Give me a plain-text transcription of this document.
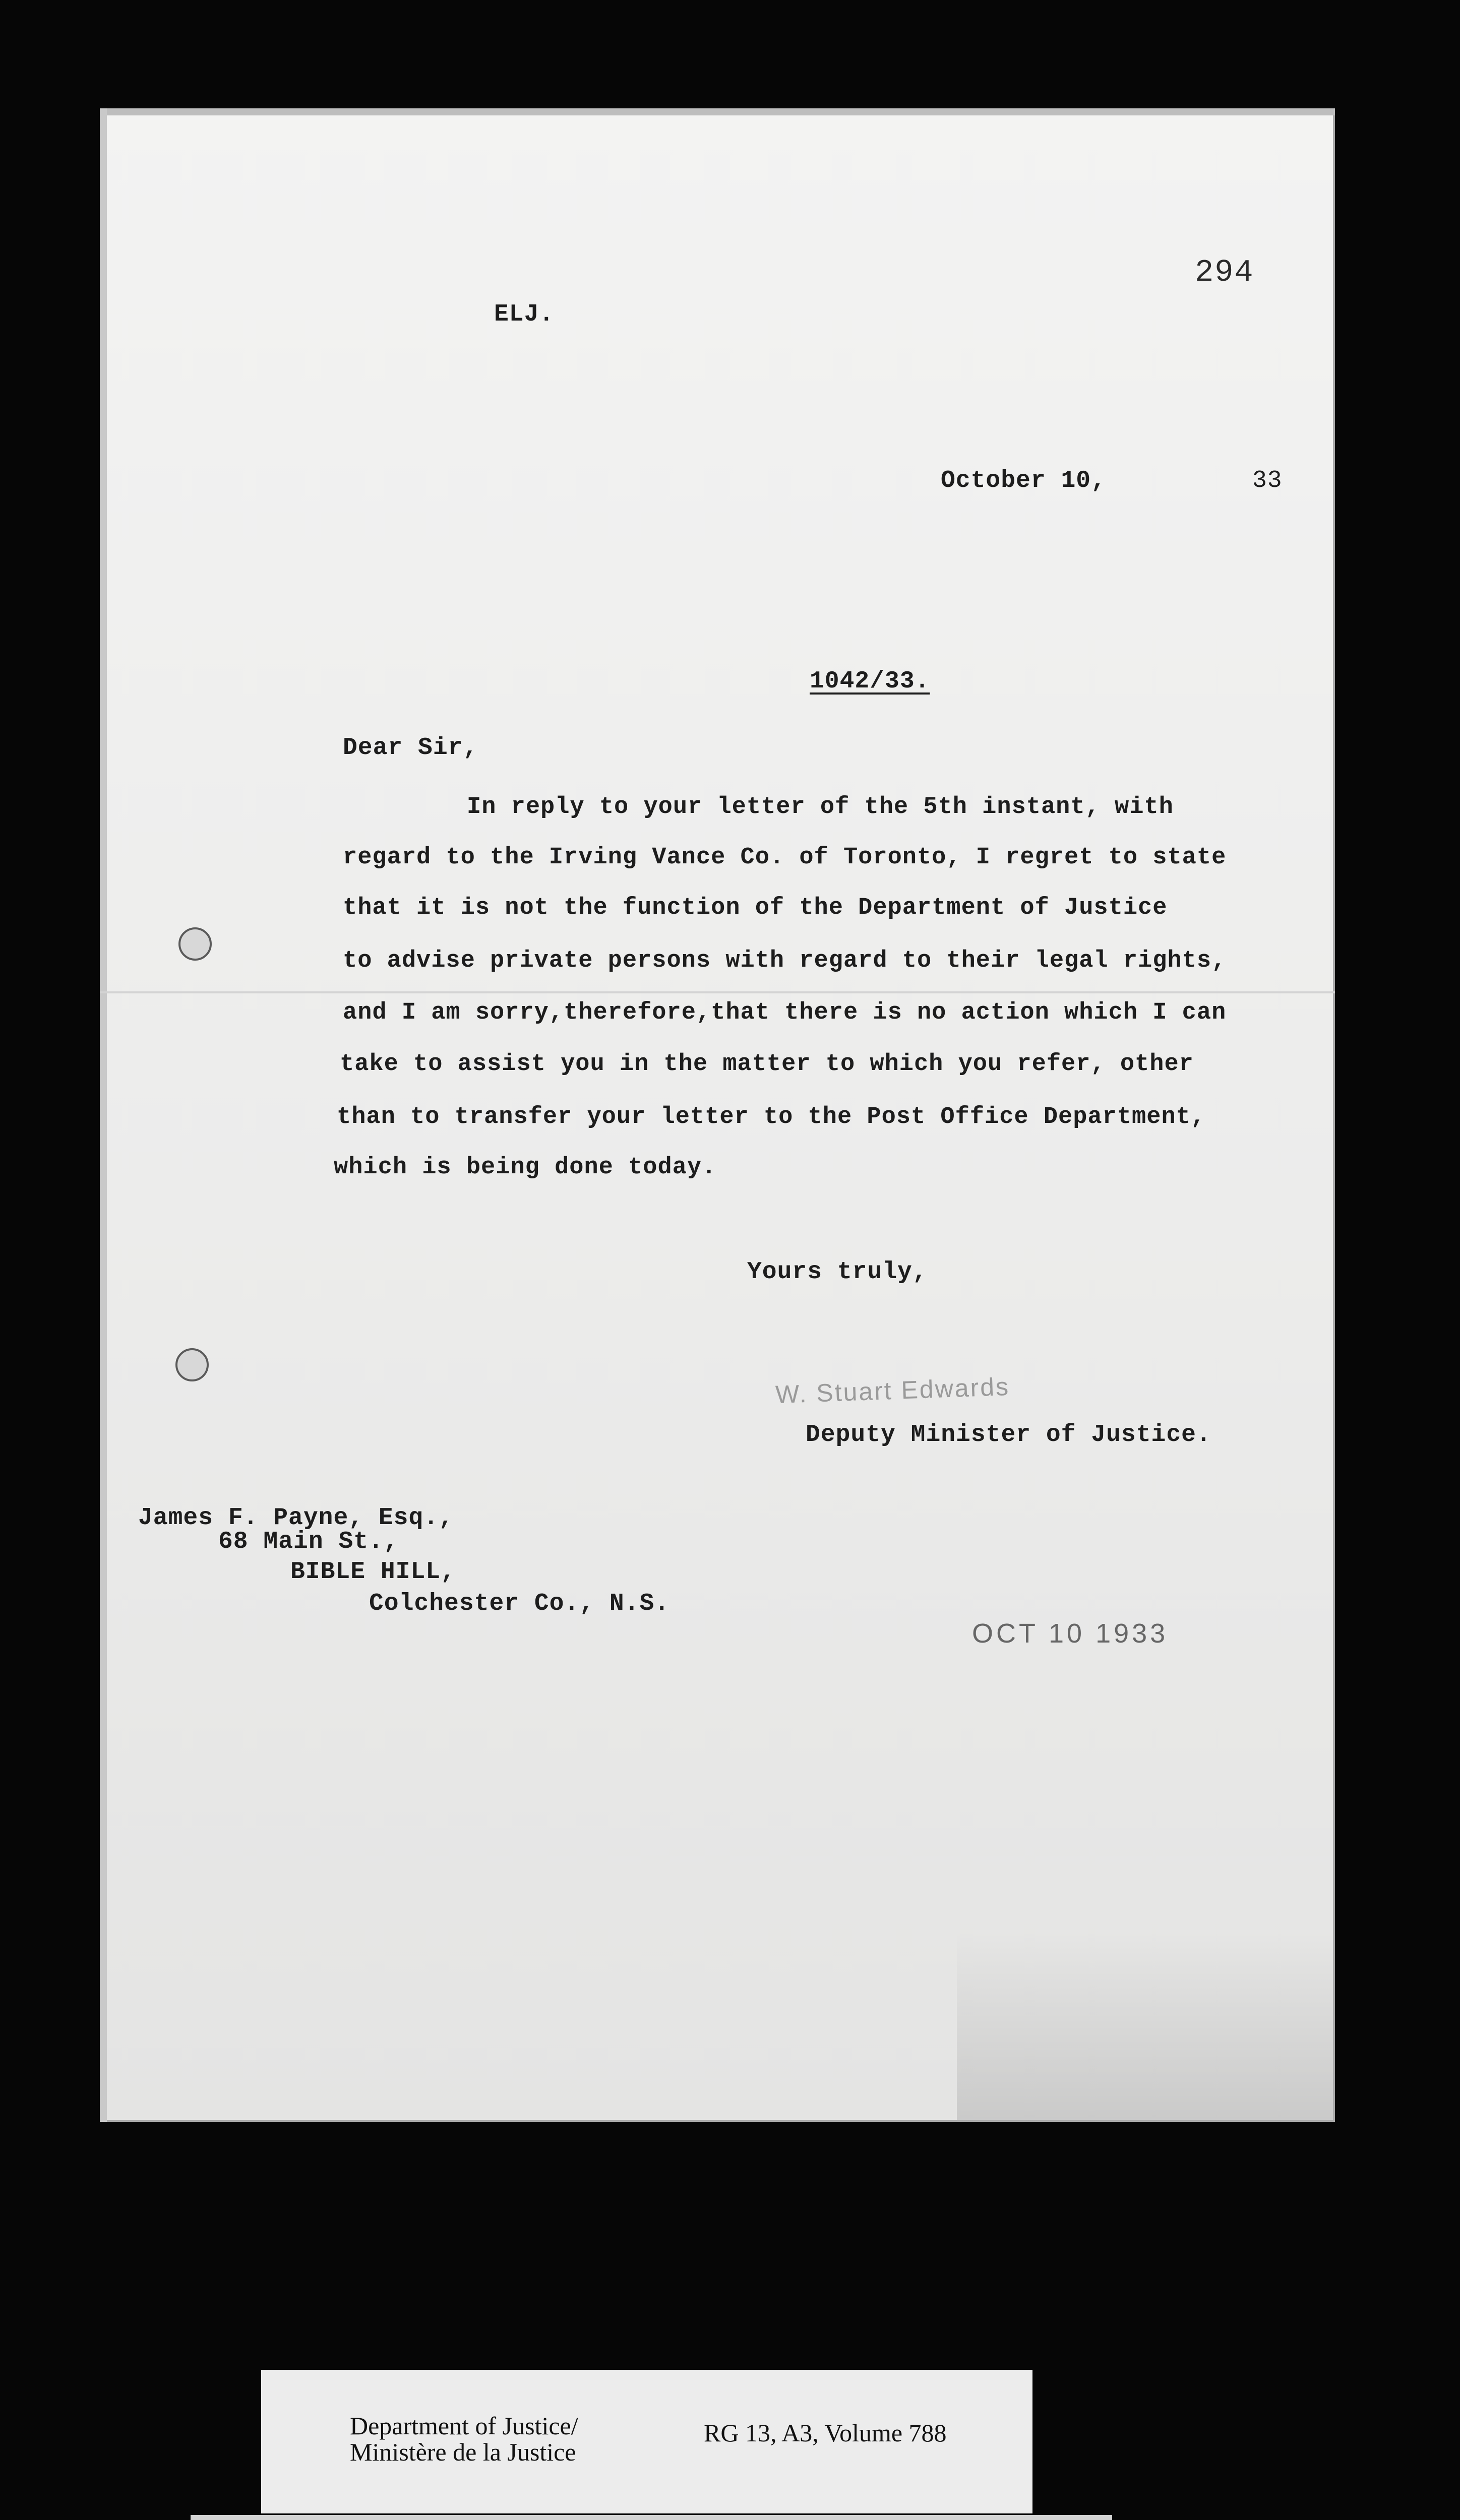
294
ELJ.
October 10,	33
1042/33.
Dear Sir,
In reply to your letter of the 5th instant, with
regard to the Irving Vance Co. of Toronto, I regret to state
that it is not the function of the Department of Justice
to advise private persons with regard to their legal rights,
and I am sorry,therefore,that there is no action which I can
take to assist you in the matter to which you refer, other
than to transfer your letter to the Post Office Department,
which is being done today.
Yours truly,
W. Stuart Edwards
Deputy Minister of Justice.
James F. Payne, Esq.,
68 Main St.,
BIBLE HILL,
Colchester Co., N.S.
OCT 10 1933
Department of Justice/
Ministère de la Justice
RG 13, A3, Volume 788
